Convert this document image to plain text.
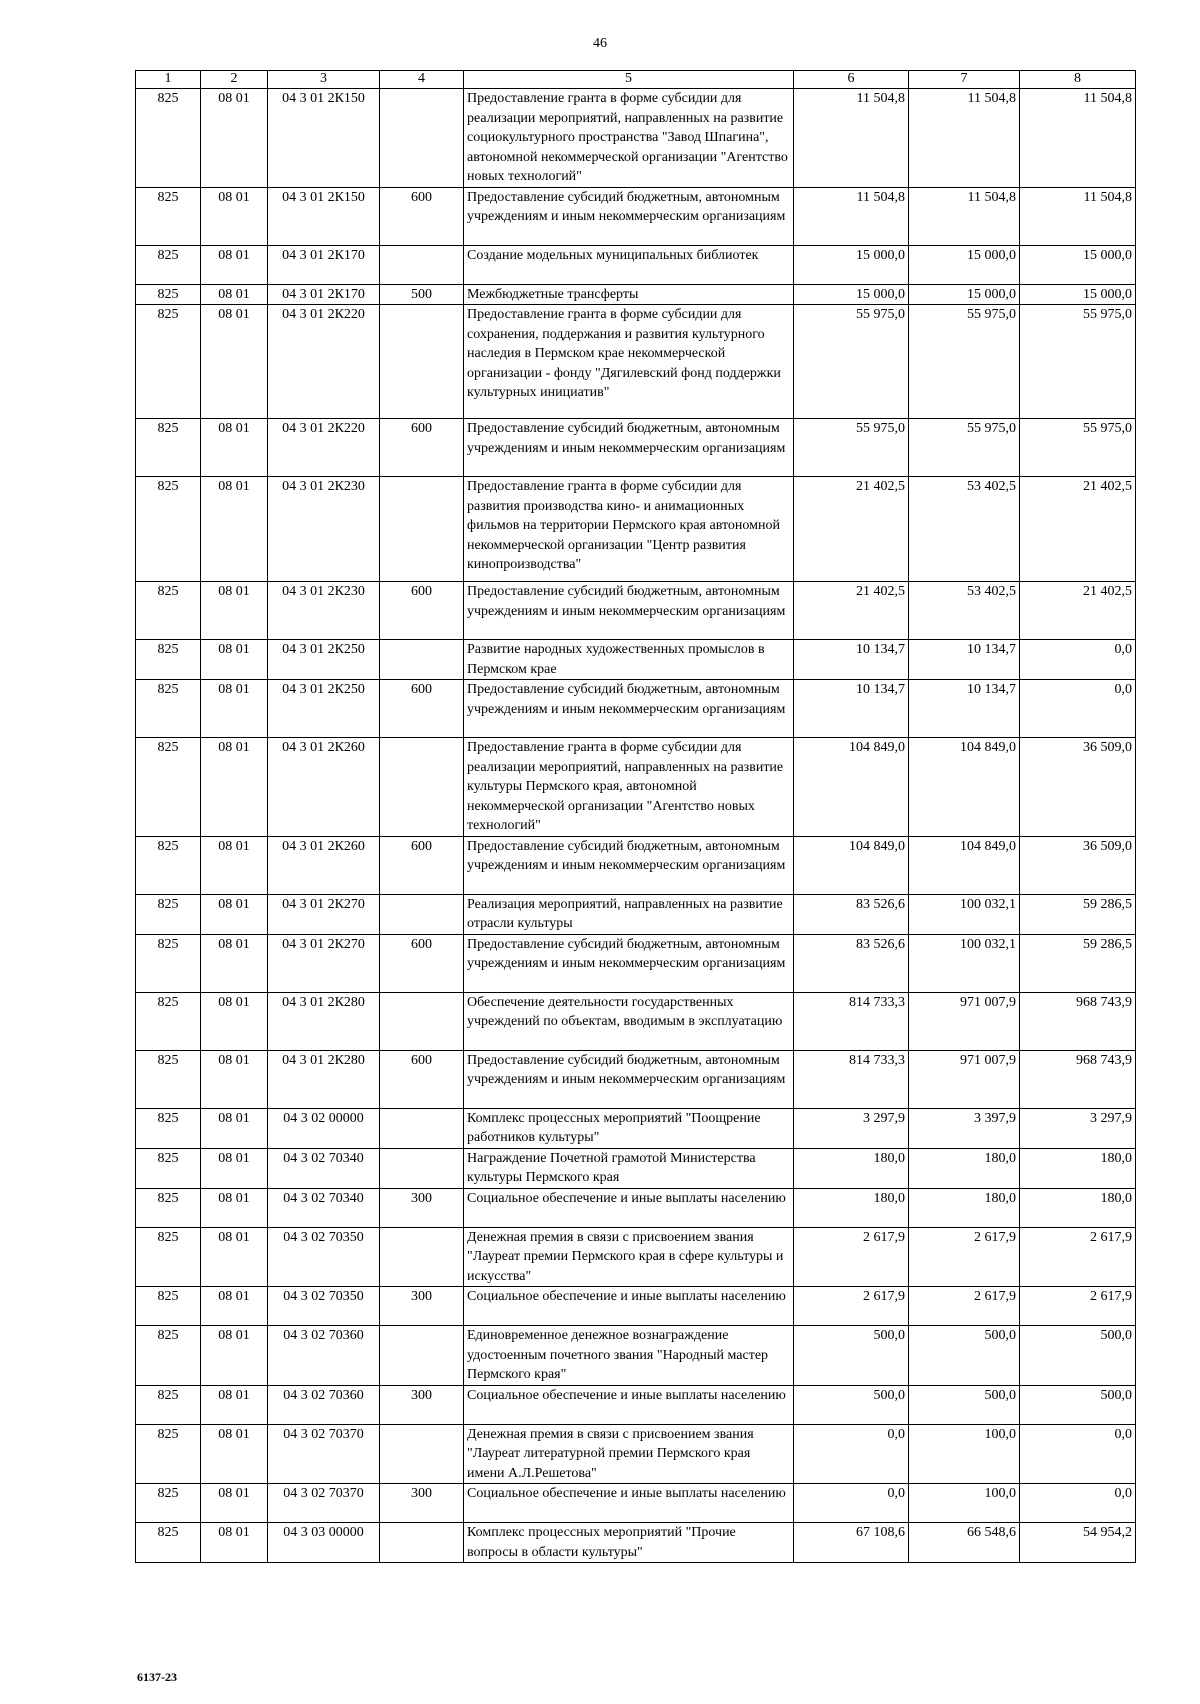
46
1	2	3	4	5	6	7	8
825	08 01	04 3 01 2К150		Предоставление гранта в форме субсидии для реализации мероприятий, направленных на развитие социокультурного пространства "Завод Шпагина", автономной некоммерческой организации "Агентство новых технологий"	11 504,8	11 504,8	11 504,8
825	08 01	04 3 01 2К150	600	Предоставление субсидий бюджетным, автономным учреждениям и иным некоммерческим организациям	11 504,8	11 504,8	11 504,8
825	08 01	04 3 01 2К170		Создание модельных муниципальных библиотек	15 000,0	15 000,0	15 000,0
825	08 01	04 3 01 2К170	500	Межбюджетные трансферты	15 000,0	15 000,0	15 000,0
825	08 01	04 3 01 2К220		Предоставление гранта в форме субсидии для сохранения, поддержания и развития культурного наследия в Пермском крае некоммерческой организации - фонду "Дягилевский фонд поддержки культурных инициатив"	55 975,0	55 975,0	55 975,0
825	08 01	04 3 01 2К220	600	Предоставление субсидий бюджетным, автономным учреждениям и иным некоммерческим организациям	55 975,0	55 975,0	55 975,0
825	08 01	04 3 01 2К230		Предоставление гранта в форме субсидии для развития производства кино- и анимационных фильмов на территории Пермского края автономной некоммерческой организации "Центр развития кинопроизводства"	21 402,5	53 402,5	21 402,5
825	08 01	04 3 01 2К230	600	Предоставление субсидий бюджетным, автономным учреждениям и иным некоммерческим организациям	21 402,5	53 402,5	21 402,5
825	08 01	04 3 01 2К250		Развитие народных художественных промыслов в Пермском крае	10 134,7	10 134,7	0,0
825	08 01	04 3 01 2К250	600	Предоставление субсидий бюджетным, автономным учреждениям и иным некоммерческим организациям	10 134,7	10 134,7	0,0
825	08 01	04 3 01 2К260		Предоставление гранта в форме субсидии для реализации мероприятий, направленных на развитие культуры Пермского края, автономной некоммерческой организации "Агентство новых технологий"	104 849,0	104 849,0	36 509,0
825	08 01	04 3 01 2К260	600	Предоставление субсидий бюджетным, автономным учреждениям и иным некоммерческим организациям	104 849,0	104 849,0	36 509,0
825	08 01	04 3 01 2К270		Реализация мероприятий, направленных на развитие отрасли культуры	83 526,6	100 032,1	59 286,5
825	08 01	04 3 01 2К270	600	Предоставление субсидий бюджетным, автономным учреждениям и иным некоммерческим организациям	83 526,6	100 032,1	59 286,5
825	08 01	04 3 01 2К280		Обеспечение деятельности государственных учреждений по объектам, вводимым в эксплуатацию	814 733,3	971 007,9	968 743,9
825	08 01	04 3 01 2К280	600	Предоставление субсидий бюджетным, автономным учреждениям и иным некоммерческим организациям	814 733,3	971 007,9	968 743,9
825	08 01	04 3 02 00000		Комплекс процессных мероприятий "Поощрение работников культуры"	3 297,9	3 397,9	3 297,9
825	08 01	04 3 02 70340		Награждение Почетной грамотой Министерства культуры Пермского края	180,0	180,0	180,0
825	08 01	04 3 02 70340	300	Социальное обеспечение и иные выплаты населению	180,0	180,0	180,0
825	08 01	04 3 02 70350		Денежная премия в связи с присвоением звания "Лауреат премии Пермского края в сфере культуры и искусства"	2 617,9	2 617,9	2 617,9
825	08 01	04 3 02 70350	300	Социальное обеспечение и иные выплаты населению	2 617,9	2 617,9	2 617,9
825	08 01	04 3 02 70360		Единовременное денежное вознаграждение удостоенным почетного звания "Народный мастер Пермского края"	500,0	500,0	500,0
825	08 01	04 3 02 70360	300	Социальное обеспечение и иные выплаты населению	500,0	500,0	500,0
825	08 01	04 3 02 70370		Денежная премия в связи с присвоением звания "Лауреат литературной премии Пермского края имени А.Л.Решетова"	0,0	100,0	0,0
825	08 01	04 3 02 70370	300	Социальное обеспечение и иные выплаты населению	0,0	100,0	0,0
825	08 01	04 3 03 00000		Комплекс процессных мероприятий "Прочие вопросы в области культуры"	67 108,6	66 548,6	54 954,2
6137-23
